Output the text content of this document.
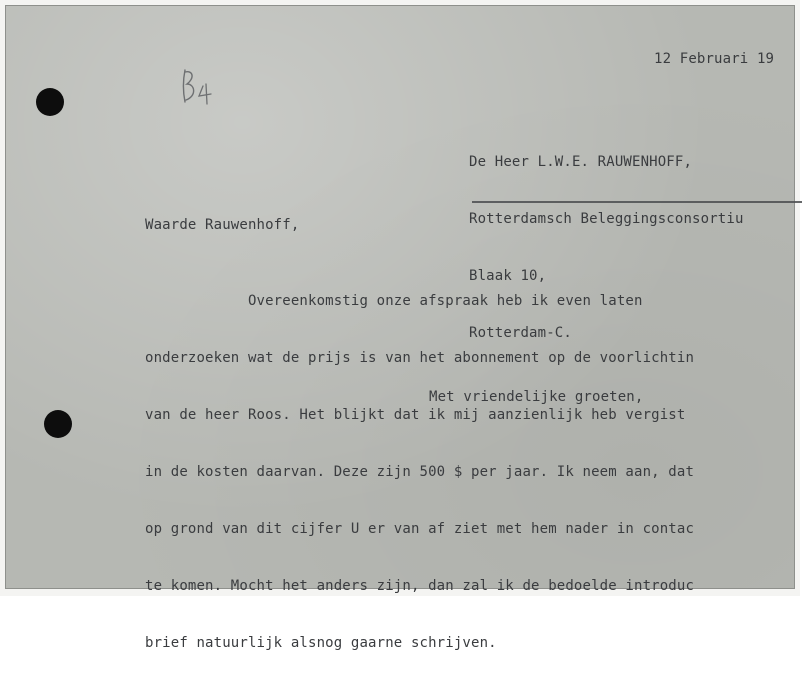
12 Februari 19

De Heer L.W.E. RAUWENHOFF,

Rotterdamsch Beleggingsconsortiu

Blaak 10,

Rotterdam-C.

Waarde Rauwenhoff,

Overeenkomstig onze afspraak heb ik even laten

onderzoeken wat de prijs is van het abonnement op de voorlichtin

van de heer Roos. Het blijkt dat ik mij aanzienlijk heb vergist

in de kosten daarvan. Deze zijn 500 $ per jaar. Ik neem aan, dat

op grond van dit cijfer U er van af ziet met hem nader in contac

te komen. Mocht het anders zijn, dan zal ik de bedoelde introduc

brief natuurlijk alsnog gaarne schrijven.

Met vriendelijke groeten,
